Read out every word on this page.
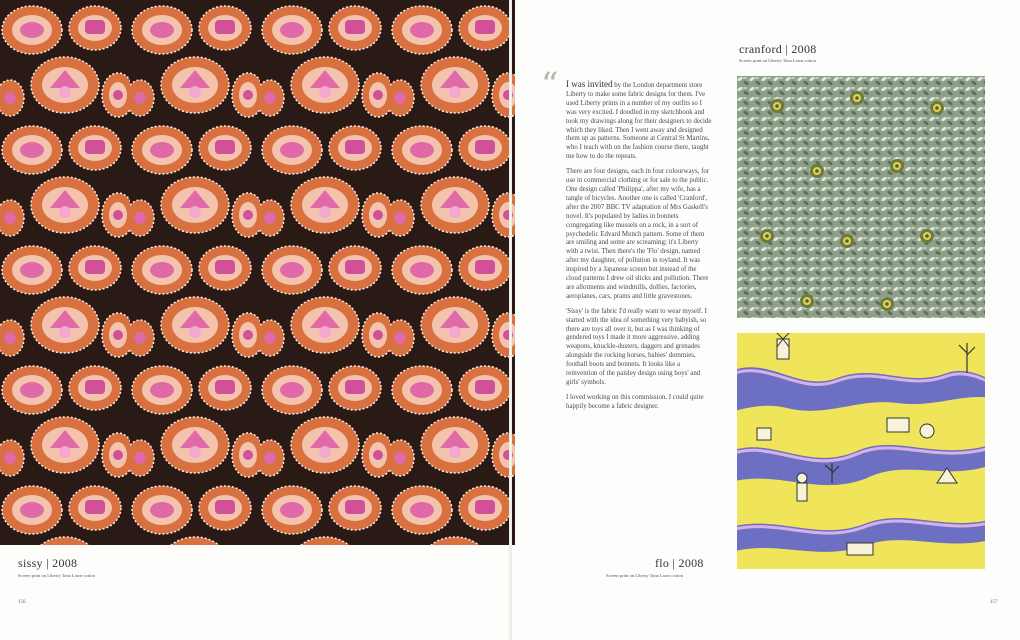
sissy | 2008
Screen print on Liberty Tana Lawn cotton
156
“ I was invited by the London department store Liberty to make some fabric designs for them. I've used Liberty prints in a number of my outfits so I was very excited. I doodled in my sketchbook and took my drawings along for their designers to decide which they liked. Then I went away and designed them up as patterns. Someone at Central St Martins, who I teach with on the fashion course there, taught me how to do the repeats.

There are four designs, each in four colourways, for use in commercial clothing or for sale to the public. One design called 'Philippa', after my wife, has a tangle of bicycles. Another one is called 'Cranford', after the 2007 BBC TV adaptation of Mrs Gaskell's novel. It's populated by ladies in bonnets congregating like mussels on a rock, in a sort of psychedelic Edvard Munch pattern. Some of them are smiling and some are screaming; it's Liberty with a twist. Then there's the 'Flo' design, named after my daughter, of pollution in toyland. It was inspired by a Japanese screen but instead of the cloud patterns I drew oil slicks and pollution. There are allotments and windmills, dollies, factories, aeroplanes, cars, prams and little gravestones.

'Sissy' is the fabric I'd really want to wear myself. I started with the idea of something very babyish, so there are toys all over it, but as I was thinking of gendered toys I made it more aggressive, adding weapons, knuckle-dusters, daggers and grenades alongside the rocking horses, babies' dummies, football boots and bonnets. It looks like a reinvention of the paisley design using boys' and girls' symbols.

I loved working on this commission. I could quite happily become a fabric designer.

cranford | 2008
Screen print on Liberty Tana Lawn cotton
flo | 2008
Screen print on Liberty Tana Lawn cotton
157
